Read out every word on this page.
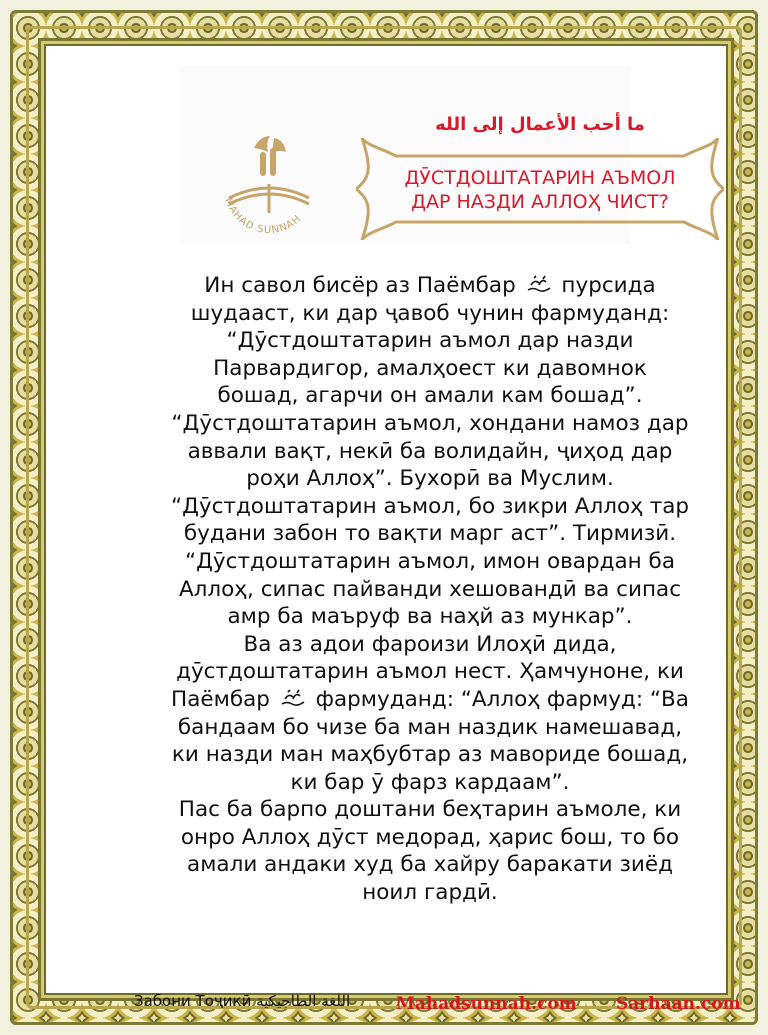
MAHAD SUNNAH
ما أحب الأعمال إلى الله
ДӮСТДОШТАТАРИН АЪМОЛ
ДАР НАЗДИ АЛЛОҲ ЧИСТ?
Ин савол бисёр аз Паёмбар
пурсида
шудааст, ки дар ҷавоб чунин фармуданд:
“Дӯстдоштатарин аъмол дар назди
Парвардигор, амалҳоест ки давомнок
бошад, агарчи он амали кам бошад”.
“Дӯстдоштатарин аъмол, хондани намоз дар
аввали вақт, некӣ ба волидайн, ҷиҳод дар
роҳи Аллоҳ”. Бухорӣ ва Муслим.
“Дӯстдоштатарин аъмол, бо зикри Аллоҳ тар
будани забон то вақти марг аст”. Тирмизӣ.
“Дӯстдоштатарин аъмол, имон овардан ба
Аллоҳ, сипас пайванди хешовандӣ ва сипас
амр ба маъруф ва наҳй аз мункар”.
Ва аз адои фароизи Илоҳӣ дида,
дӯстдоштатарин аъмол нест. Ҳамчуноне, ки
Паёмбар
фармуданд: “Аллоҳ фармуд: “Ва
бандаам бо чизе ба ман наздик намешавад,
ки назди ман маҳбубтар аз мавориде бошад,
ки бар ӯ фарз кардаам”.
Пас ба барпо доштани беҳтарин аъмоле, ки
онро Аллоҳ дӯст медорад, ҳарис бош, то бо
амали андаки худ ба хайру баракати зиёд
ноил гардӣ.
Забони Тоҷикӣ اللغة الطاجيكية	Mahadsunnah.com Sarhaan.com
